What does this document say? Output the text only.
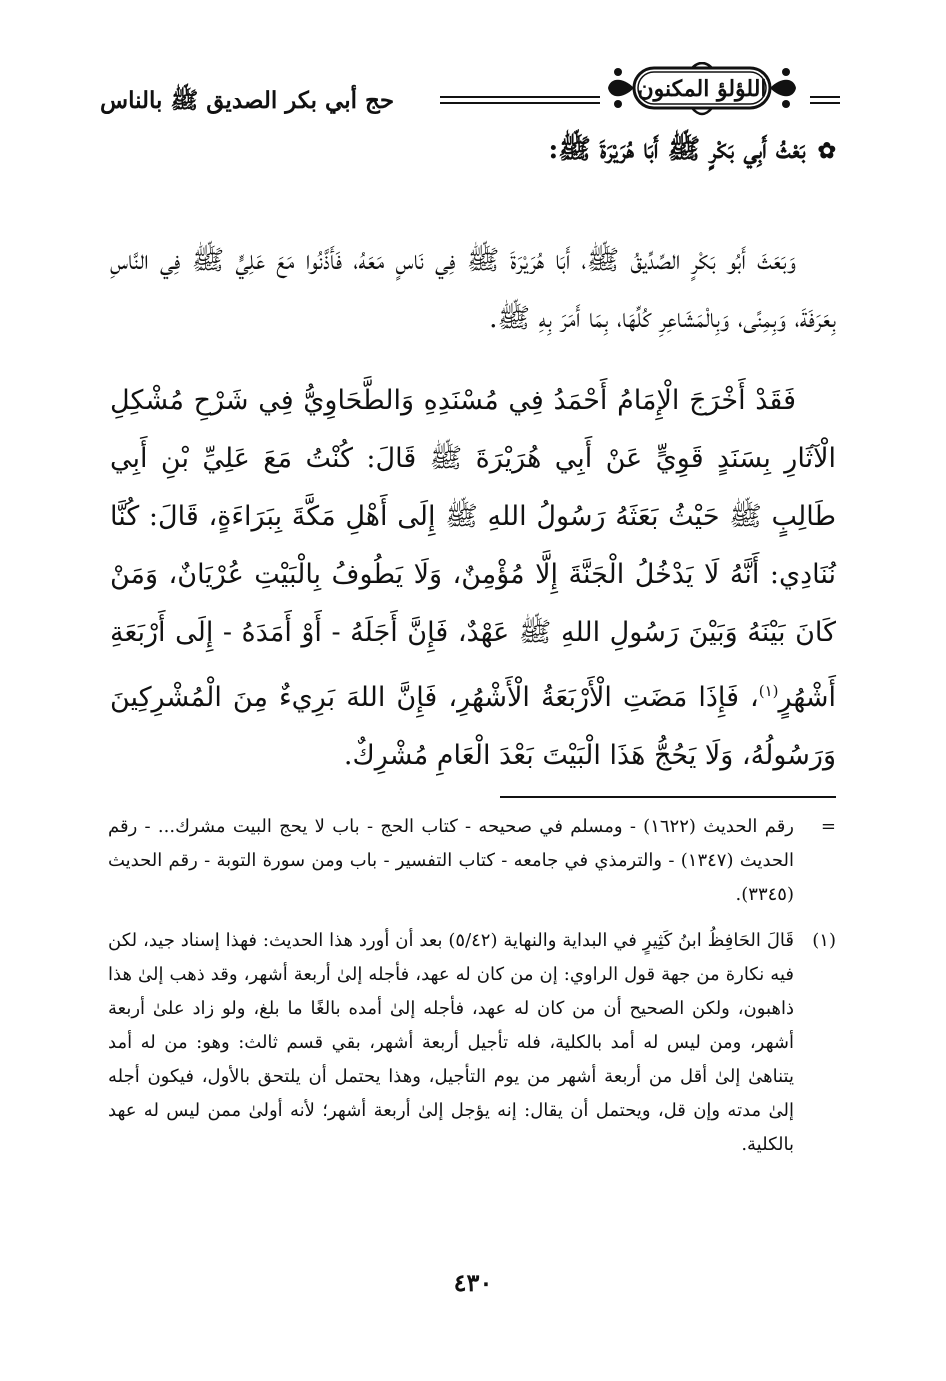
حج أبي بكر الصديق ﷺ بالناس	اللؤلؤ المكنون
✿بَعْثُ أَبِي بَكْرٍ ﷺ أَبَا هُرَيْرَةَ ﷺ:

وَبَعَثَ أَبُو بَكْرٍ الصِّدِّيقُ ﷺ، أَبَا هُرَيْرَةَ ﷺ فِي نَاسٍ مَعَهُ، فَأَذَّنُوا مَعَ عَلِيٍّ ﷺ فِي النَّاسِ بِعَرَفَةَ، وَبِمِنًى، وَبِالْمَشَاعِرِ كُلِّهَا، بِمَا أَمَرَ بِهِ ﷺ.

فَقَدْ أَخْرَجَ الْإِمَامُ أَحْمَدُ فِي مُسْنَدِهِ وَالطَّحَاوِيُّ فِي شَرْحِ مُشْكِلِ الْآثَارِ بِسَنَدٍ قَوِيٍّ عَنْ أَبِي هُرَيْرَةَ ﷺ قَالَ: كُنْتُ مَعَ عَلِيِّ بْنِ أَبِي طَالِبٍ ﷺ حَيْثُ بَعَثَهُ رَسُولُ اللهِ ﷺ إِلَى أَهْلِ مَكَّةَ بِبَرَاءَةٍ، قَالَ: كُنَّا نُنَادِي: أَنَّهُ لَا يَدْخُلُ الْجَنَّةَ إِلَّا مُؤْمِنٌ، وَلَا يَطُوفُ بِالْبَيْتِ عُرْيَانٌ، وَمَنْ كَانَ بَيْنَهُ وَبَيْنَ رَسُولِ اللهِ ﷺ عَهْدٌ، فَإِنَّ أَجَلَهُ - أَوْ أَمَدَهُ - إِلَى أَرْبَعَةِ أَشْهُرٍ$^{(١)}$، فَإِذَا مَضَتِ الْأَرْبَعَةُ الْأَشْهُرِ، فَإِنَّ اللهَ بَرِيءٌ مِنَ الْمُشْرِكِينَ وَرَسُولُهُ، وَلَا يَحُجُّ هَذَا الْبَيْتَ بَعْدَ الْعَامِ مُشْرِكٌ.

=
رقم الحديث (١٦٢٢) - ومسلم في صحيحه - كتاب الحج - باب لا يحج البيت مشرك... - رقم الحديث (١٣٤٧) - والترمذي في جامعه - كتاب التفسير - باب ومن سورة التوبة - رقم الحديث (٣٣٤٥).
(١)
قَالَ الحَافِظُ ابنُ كَثِيرٍ في البداية والنهاية (٥/٤٢) بعد أن أورد هذا الحديث: فهذا إسناد جيد، لكن فيه نكارة من جهة قول الراوي: إن من كان له عهد، فأجله إلىٰ أربعة أشهر، وقد ذهب إلىٰ هذا ذاهبون، ولكن الصحيح أن من كان له عهد، فأجله إلىٰ أمده بالغًا ما بلغ، ولو زاد علىٰ أربعة أشهر، ومن ليس له أمد بالكلية، فله تأجيل أربعة أشهر، بقي قسم ثالث: وهو: من له أمد يتناهىٰ إلىٰ أقل من أربعة أشهر من يوم التأجيل، وهذا يحتمل أن يلتحق بالأول، فيكون أجله إلىٰ مدته وإن قل، ويحتمل أن يقال: إنه يؤجل إلىٰ أربعة أشهر؛ لأنه أولىٰ ممن ليس له عهد بالكلية.
٤٣٠
